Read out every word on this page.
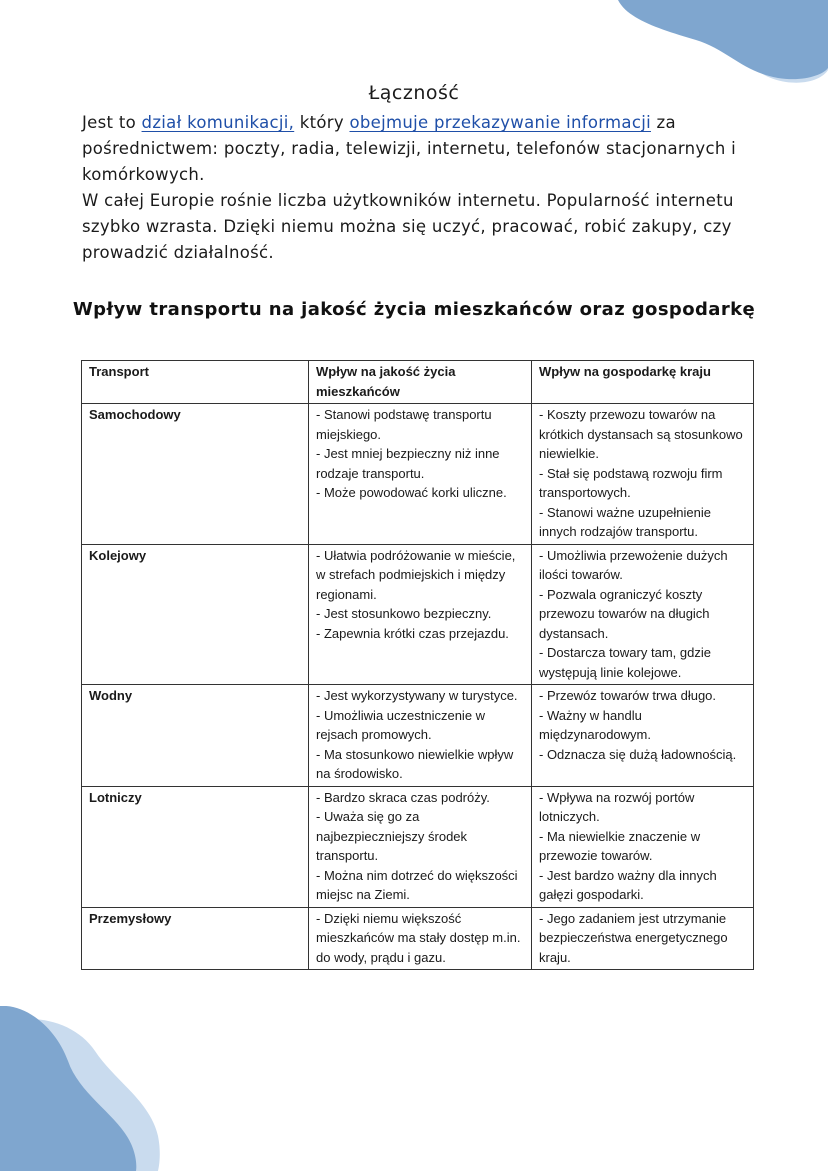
Łączność

Jest to dział komunikacji, który obejmuje przekazywanie informacji za pośrednictwem: poczty, radia, telewizji, internetu, telefonów stacjonarnych i komórkowych.

W całej Europie rośnie liczba użytkowników internetu. Popularność internetu szybko wzrasta. Dzięki niemu można się uczyć, pracować, robić zakupy, czy prowadzić działalność.

Wpływ transportu na jakość życia mieszkańców oraz gospodarkę
Transport	Wpływ na jakość życia mieszkańców	Wpływ na gospodarkę kraju
Samochodowy	- Stanowi podstawę transportu miejskiego.
- Jest mniej bezpieczny niż inne rodzaje transportu.
- Może powodować korki uliczne.	- Koszty przewozu towarów na krótkich dystansach są stosunkowo niewielkie.
- Stał się podstawą rozwoju firm transportowych.
- Stanowi ważne uzupełnienie innych rodzajów transportu.

Kolejowy	- Ułatwia podróżowanie w mieście, w strefach podmiejskich i między regionami.
- Jest stosunkowo bezpieczny.
- Zapewnia krótki czas przejazdu.	- Umożliwia przewożenie dużych ilości towarów.
- Pozwala ograniczyć koszty przewozu towarów na długich dystansach.
- Dostarcza towary tam, gdzie występują linie kolejowe.

Wodny	- Jest wykorzystywany w turystyce.
- Umożliwia uczestniczenie w rejsach promowych.
- Ma stosunkowo niewielkie wpływ na środowisko.	- Przewóz towarów trwa długo.
- Ważny w handlu międzynarodowym.
- Odznacza się dużą ładownością.

Lotniczy	- Bardzo skraca czas podróży.
- Uważa się go za najbezpieczniejszy środek transportu.
- Można nim dotrzeć do większości miejsc na Ziemi.	- Wpływa na rozwój portów lotniczych.
- Ma niewielkie znaczenie w przewozie towarów.
- Jest bardzo ważny dla innych gałęzi gospodarki.

Przemysłowy	- Dzięki niemu większość mieszkańców ma stały dostęp m.in. do wody, prądu i gazu.	- Jego zadaniem jest utrzymanie bezpieczeństwa energetycznego kraju.
